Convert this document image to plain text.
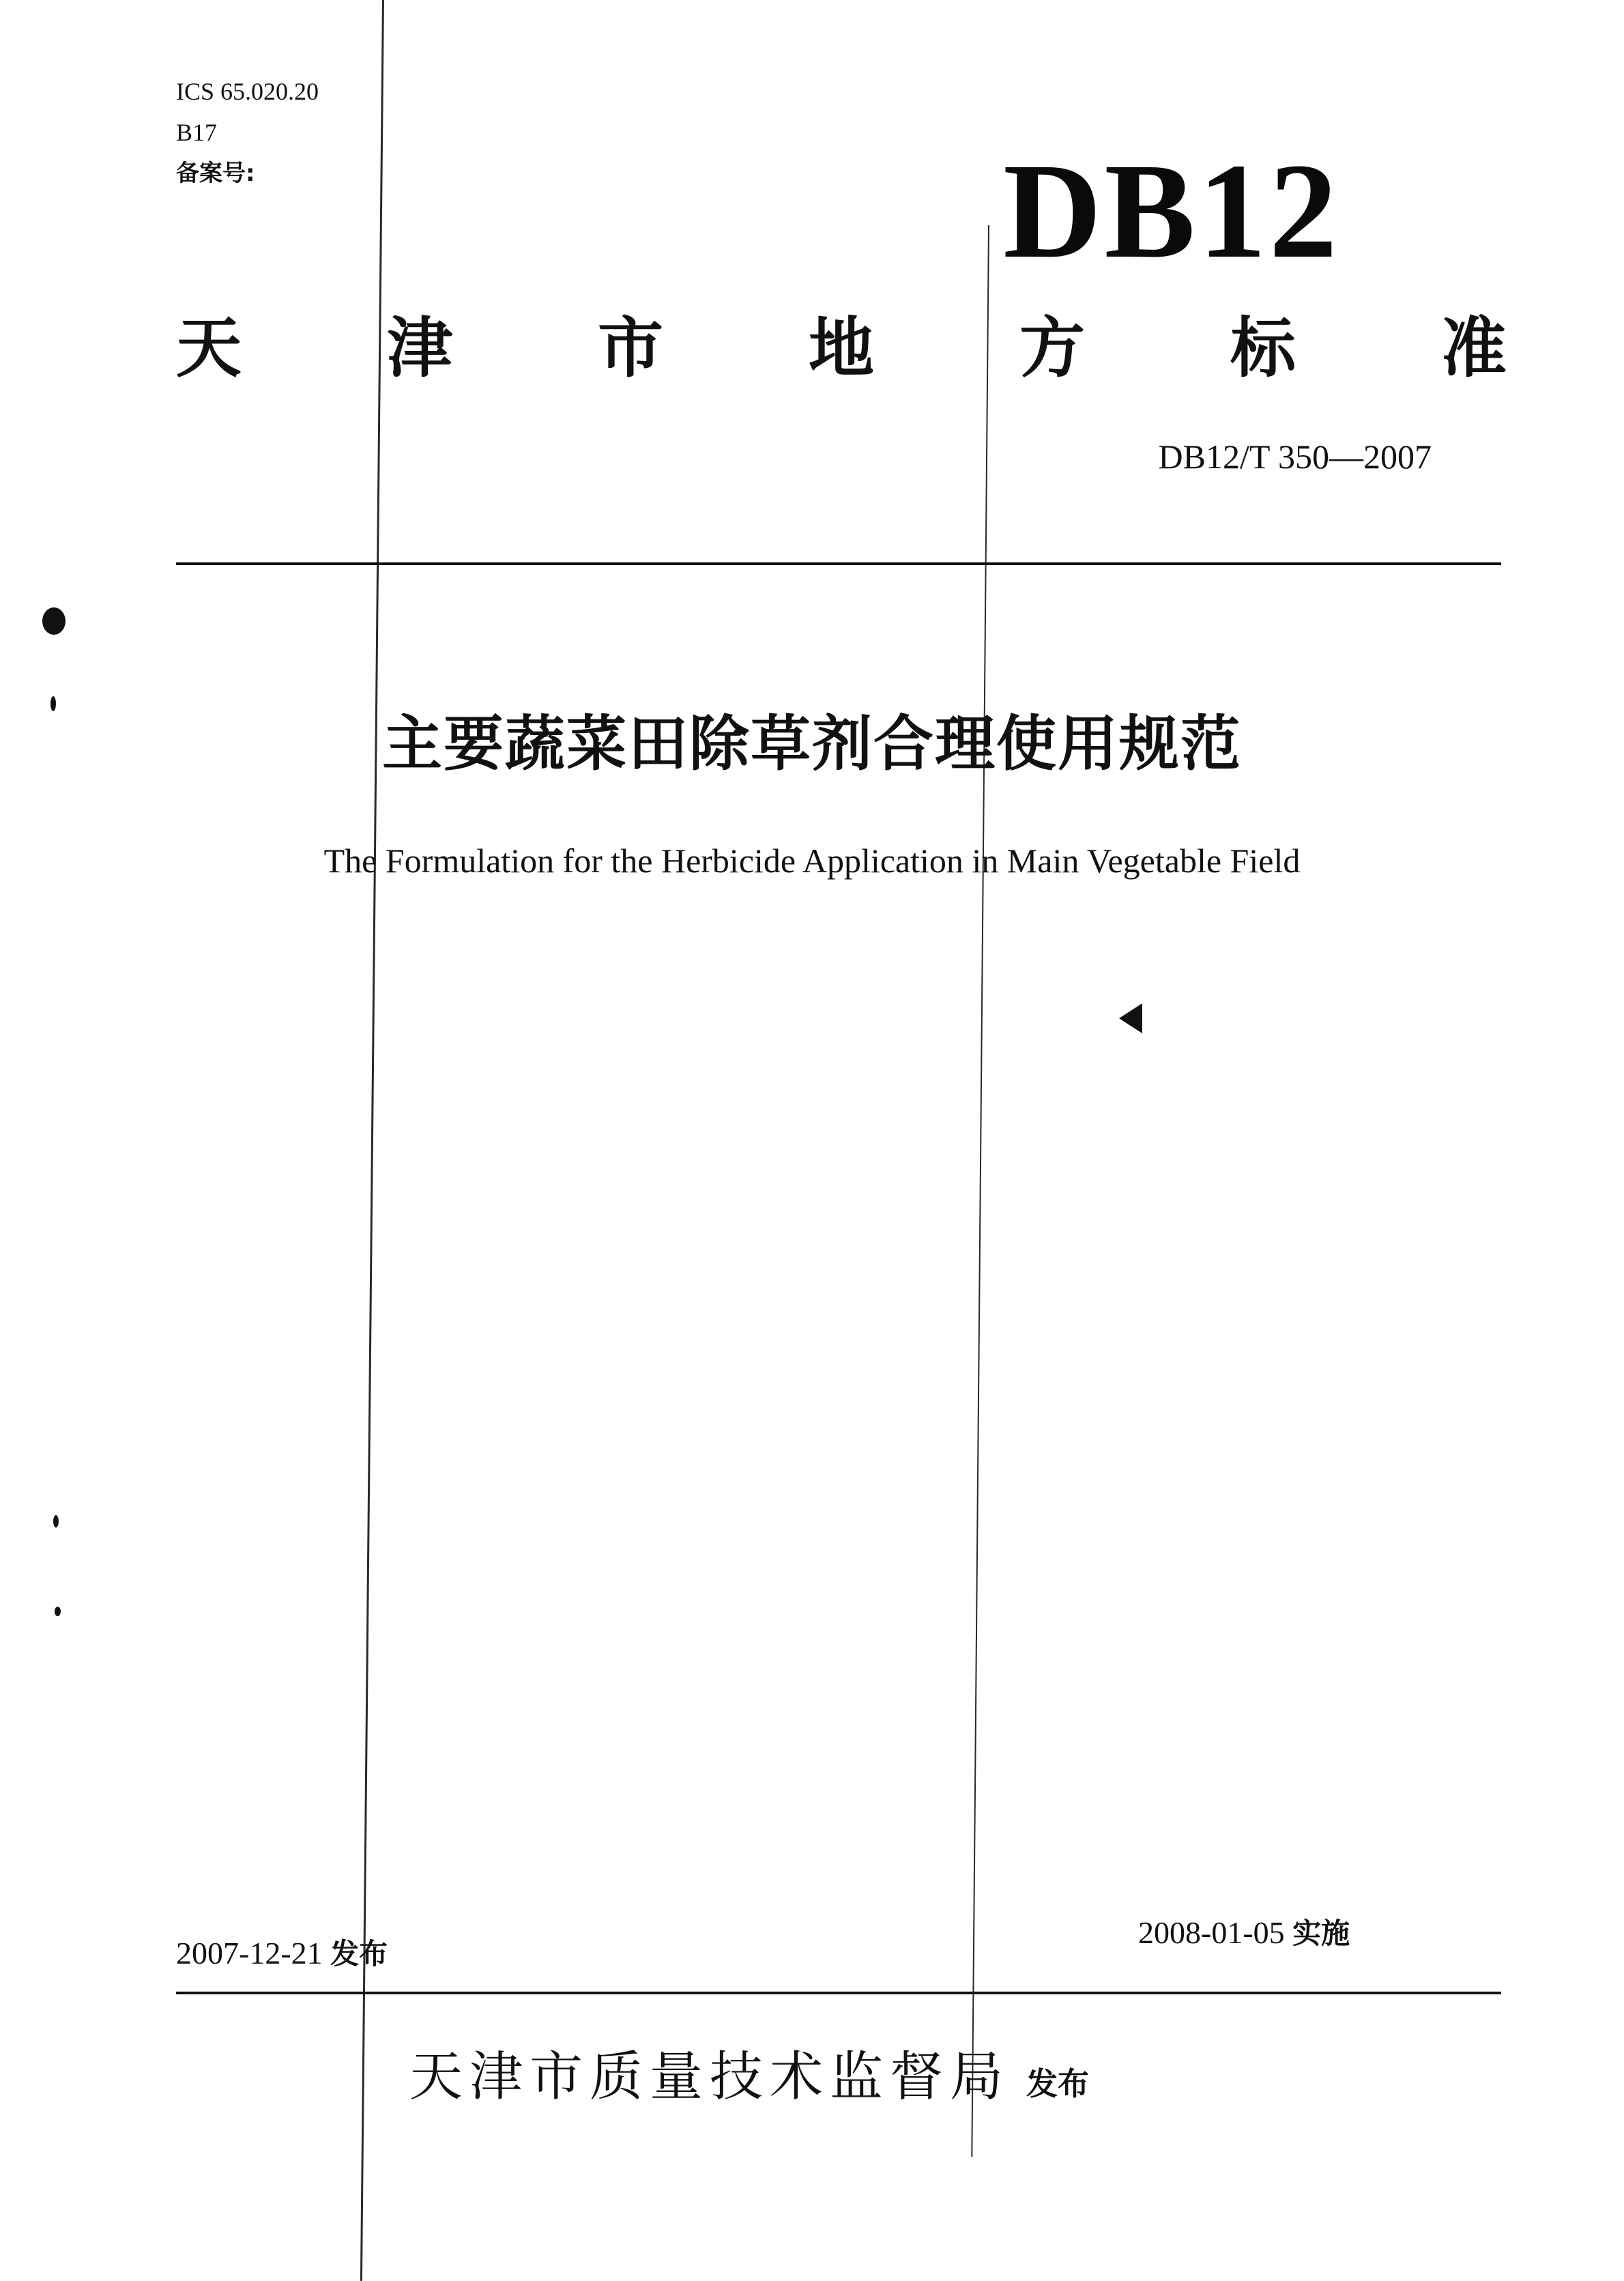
ICS 65.020.20
B17
备案号:	DB12
天 津 市 地 方 标 准
DB12/T 350—2007
主要蔬菜田除草剂合理使用规范
The Formulation for the Herbicide Application in Main Vegetable Field
2007-12-21 发布
2008-01-05 实施
天津市质量技术监督局 发布
